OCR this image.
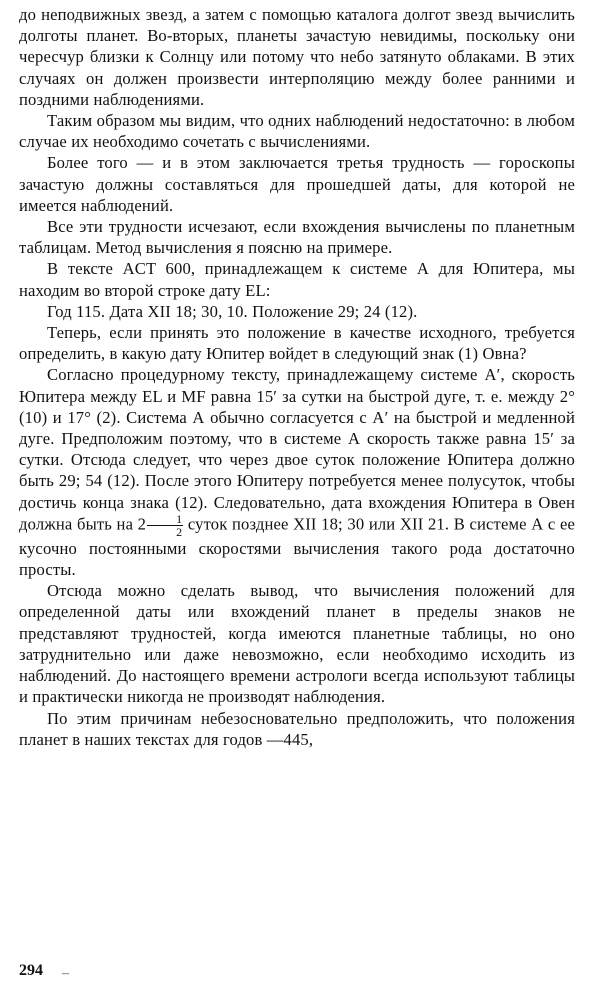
до неподвижных звезд, а затем с помощью каталога долгот звезд вычислить долготы планет. Во-вторых, планеты зачастую невидимы, поскольку они чересчур близки к Солнцу или потому что небо затянуто облаками. В этих случаях он должен произвести интерполяцию между более ранними и поздними наблюдениями.

Таким образом мы видим, что одних наблюдений недостаточно: в любом случае их необходимо сочетать с вычислениями.

Более того — и в этом заключается третья трудность — гороскопы зачастую должны составляться для прошедшей даты, для которой не имеется наблюдений.

Все эти трудности исчезают, если вхождения вычислены по планетным таблицам. Метод вычисления я поясню на примере.

В тексте ACT 600, принадлежащем к системе А для Юпитера, мы находим во второй строке дату EL:

Год 115. Дата XII 18; 30, 10. Положение 29; 24 (12).

Теперь, если принять это положение в качестве исходного, требуется определить, в какую дату Юпитер войдет в следующий знак (1) Овна?

Согласно процедурному тексту, принадлежащему системе A′, скорость Юпитера между EL и MF равна 15′ за сутки на быстрой дуге, т. е. между 2° (10) и 17° (2). Система А обычно согласуется с A′ на быстрой и медленной дуге. Предположим поэтому, что в системе А скорость также равна 15′ за сутки. Отсюда следует, что через двое суток положение Юпитера должно быть 29; 54 (12). После этого Юпитеру потребуется менее полусуток, чтобы достичь конца знака (12). Следовательно, дата вхождения Юпитера в Овен должна быть на $2 \frac{1}{2}$ суток позднее XII 18; 30 или XII 21. В системе А с ее кусочно постоянными скоростями вычисления такого рода достаточно просты.

Отсюда можно сделать вывод, что вычисления положений для определенной даты или вхождений планет в пределы знаков не представляют трудностей, когда имеются планетные таблицы, но оно затруднительно или даже невозможно, если необходимо исходить из наблюдений. До настоящего времени астрологи всегда используют таблицы и практически никогда не производят наблюдения.

По этим причинам небезосновательно предположить, что положения планет в наших текстах для годов —445,

294 –
